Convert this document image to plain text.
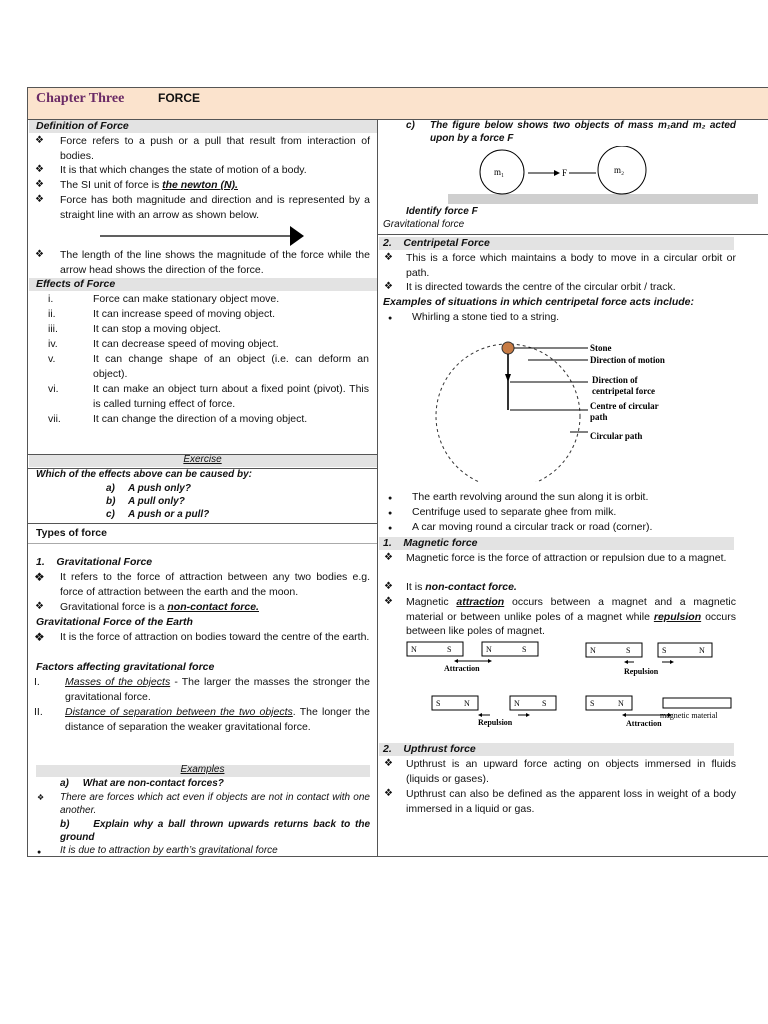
Chapter Three	FORCE
Definition of Force
❖ Force refers to a push or a pull that result from interaction of bodies.
❖ It is that which changes the state of motion of a body.
❖ The SI unit of force is the newton (N).
❖ Force has both magnitude and direction and is represented by a straight line with an arrow as shown below.
❖ The length of the line shows the magnitude of the force while the arrow head shows the direction of the force.
Effects of Force
i.	Force can make stationary object move.
ii.	It can increase speed of moving object.
iii.	It can stop a moving object.
iv.	It can decrease speed of moving object.
v.	It can change shape of an object (i.e. can deform an object).
vi.	It can make an object turn about a fixed point (pivot). This is called turning effect of force.
vii.	It can change the direction of a moving object.
Exercise
Which of the effects above can be caused by:
a) A push only?
b) A pull only?
c) A push or a pull?
Types of force
1.    Gravitational Force
❖ It refers to the force of attraction between any two bodies e.g. force of attraction between the earth and the moon.
❖ Gravitational force is a non-contact force.
Gravitational Force of the Earth
❖ It is the force of attraction on bodies toward the centre of the earth.
Factors affecting gravitational force
I. Masses of the objects - The larger the masses the stronger the gravitational force.
II. Distance of separation between the two objects. The longer the distance of separation the weaker gravitational force.
Examples
a)     What are non-contact forces?
❖ There are forces which act even if objects are not in contact with one another.
b)     Explain why a ball thrown upwards returns back to the ground
● It is due to attraction by earth’s gravitational force
c) The figure below shows two objects of mass m₁and m₂ acted upon by a force F
m₁	m₂
F
Identify force F
Gravitational force
2.    Centripetal Force
❖ This is a force which maintains a body to move in a circular orbit or path.
❖ It is directed towards the centre of the circular orbit / track.
Examples of situations in which centripetal force acts include:
● Whirling a stone tied to a string.
Stone
Direction of motion
Direction of
centripetal force
Centre of circular
path
Circular path
● The earth revolving around the sun along it is orbit.
● Centrifuge used to separate ghee from milk.
● A car moving round a circular track or road (corner).
1.    Magnetic force
❖ Magnetic force is the force of attraction or repulsion due to a magnet.
❖ It is non-contact force.
❖ Magnetic attraction occurs between a magnet and a magnetic material or between unlike poles of a magnet while repulsion occurs between like poles of magnet.
N	S	N	S
Attraction
N	S	S	N
Repulsion
S	N	N	S
Repulsion
S	N
Attraction
magnetic material
2.    Upthrust force
❖ Upthrust is an upward force acting on objects immersed in fluids (liquids or gases).
❖ Upthrust can also be defined as the apparent loss in weight of a body immersed in a liquid or gas.
